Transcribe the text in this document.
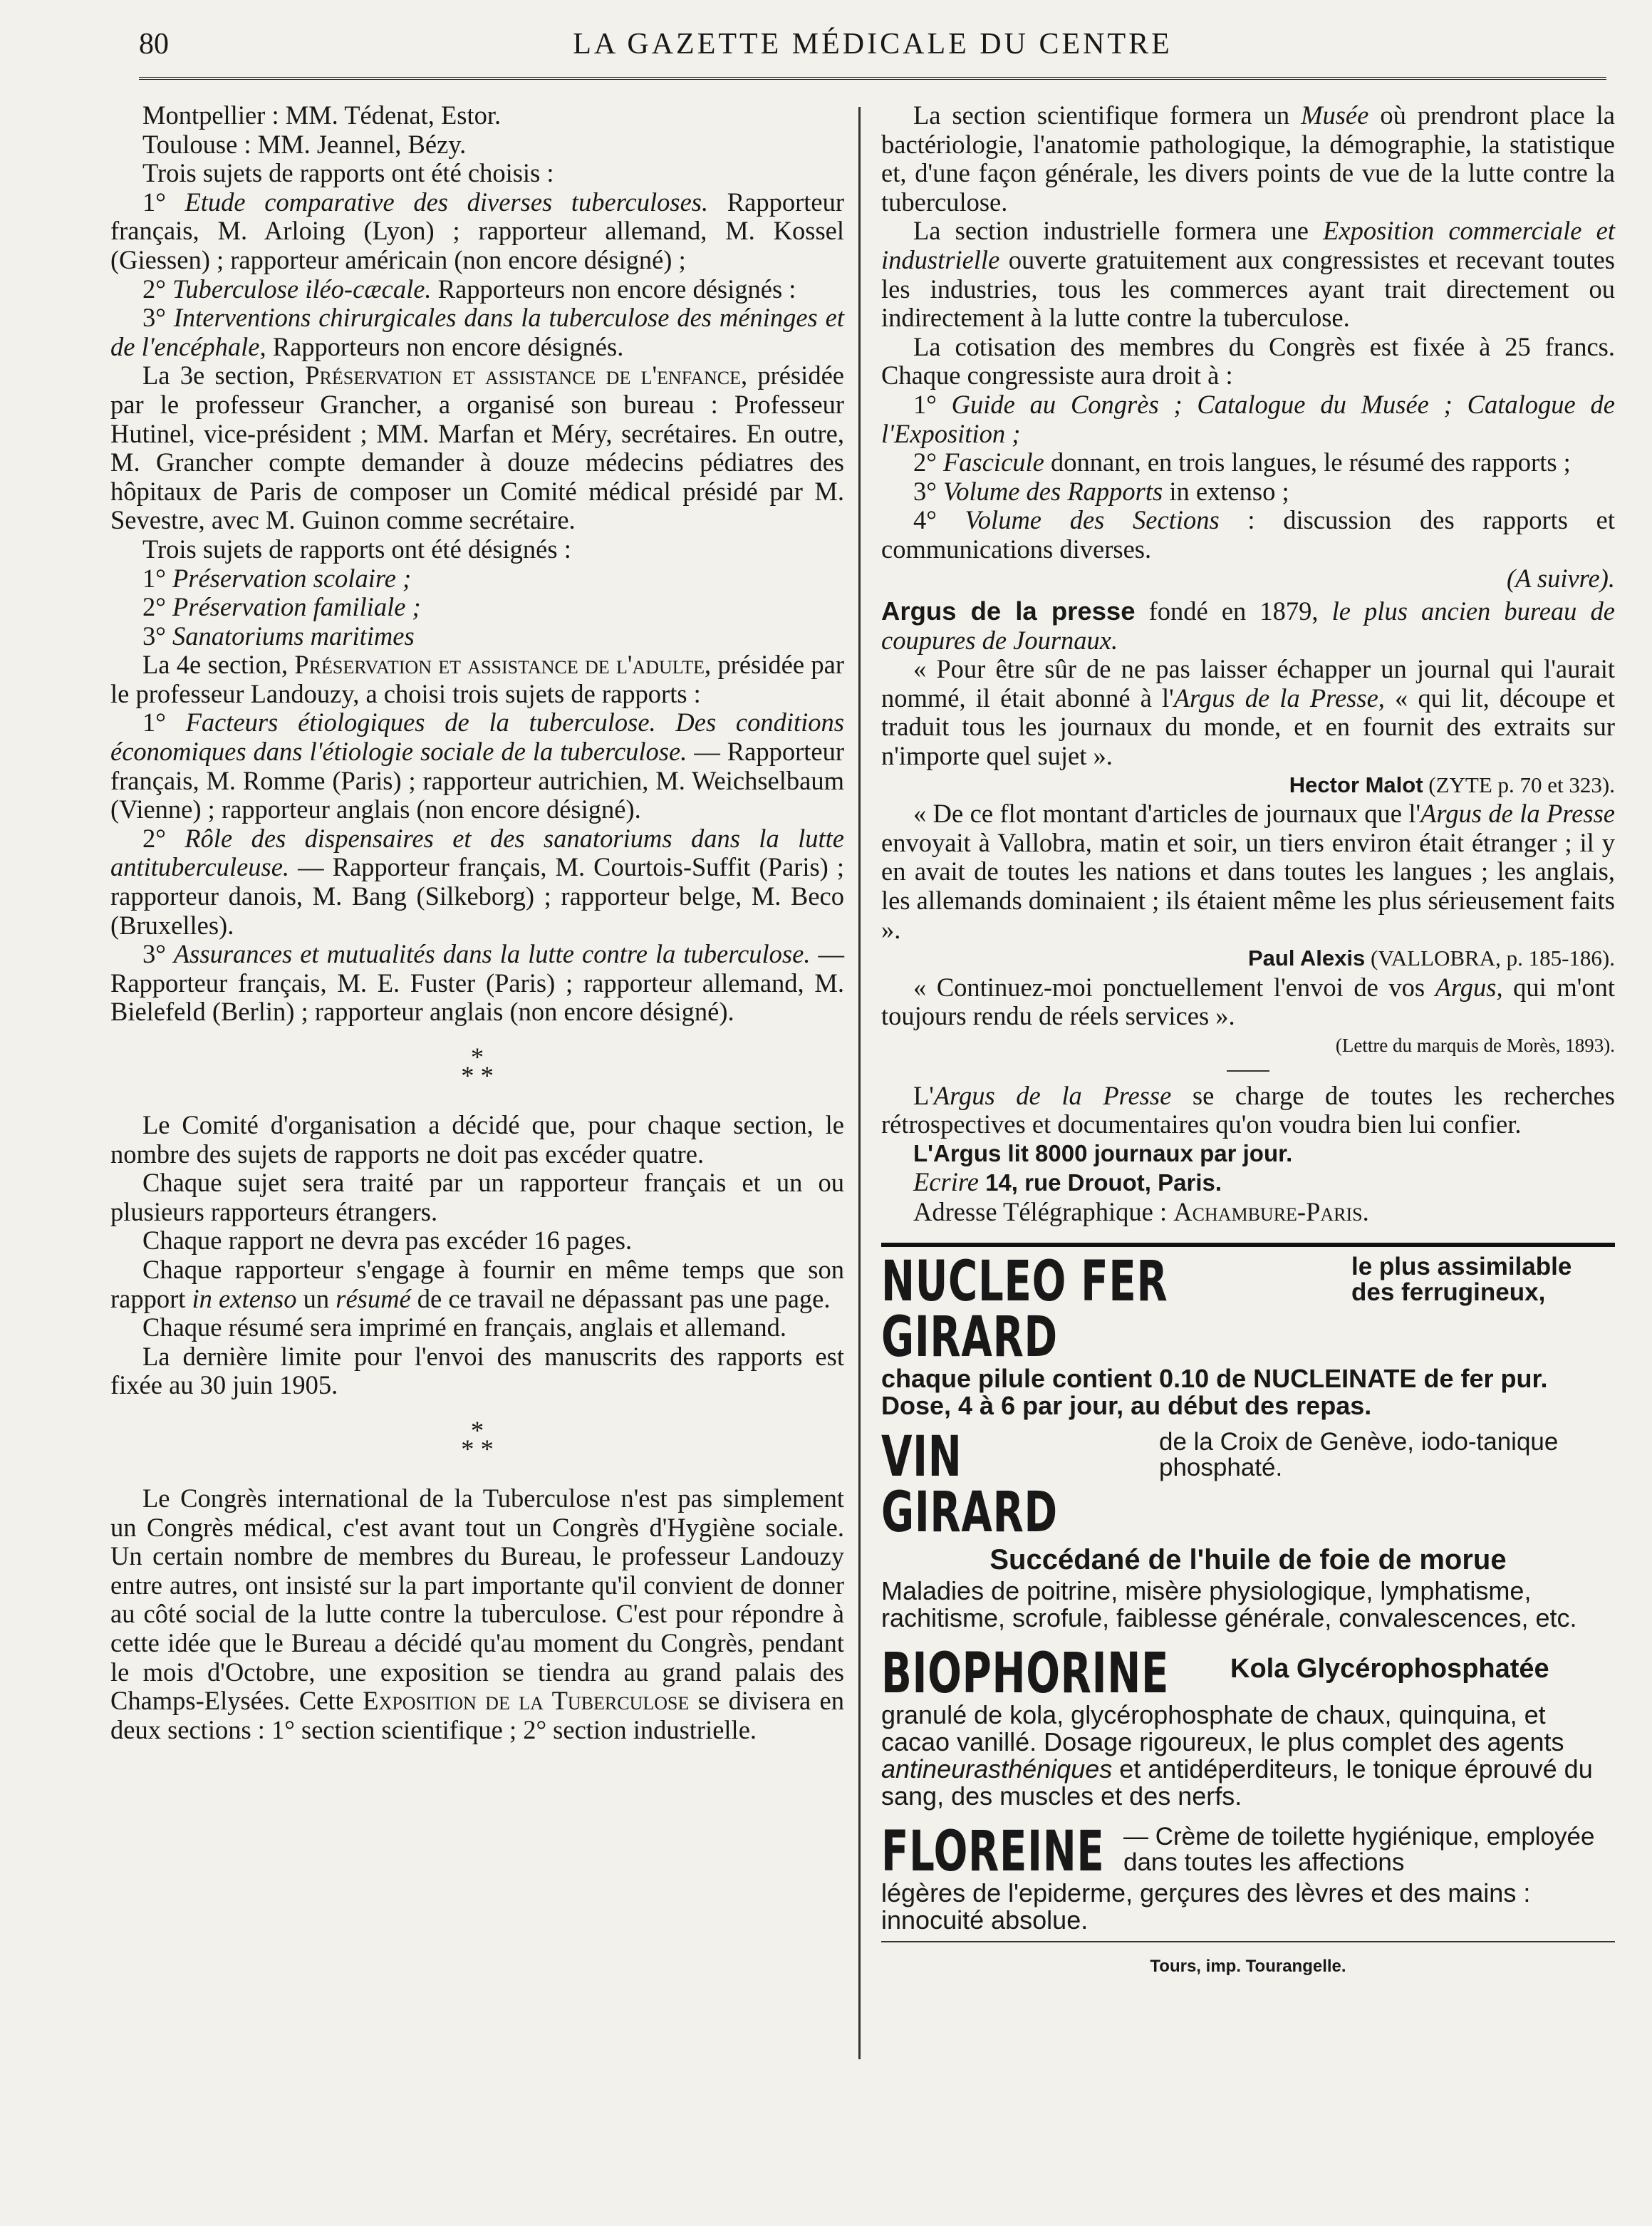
80	LA GAZETTE MÉDICALE DU CENTRE

Montpellier : MM. Tédenat, Estor.

Toulouse : MM. Jeannel, Bézy.

Trois sujets de rapports ont été choisis :

1° Etude comparative des diverses tuberculoses. Rapporteur français, M. Arloing (Lyon) ; rapporteur allemand, M. Kossel (Giessen) ; rapporteur américain (non encore désigné) ;

2° Tuberculose iléo-cæcale. Rapporteurs non encore désignés :

3° Interventions chirurgicales dans la tuberculose des méninges et de l'encéphale, Rapporteurs non encore désignés.

La 3e section, Préservation et assistance de l'enfance, présidée par le professeur Grancher, a organisé son bureau : Professeur Hutinel, vice-président ; MM. Marfan et Méry, secrétaires. En outre, M. Grancher compte demander à douze médecins pédiatres des hôpitaux de Paris de composer un Comité médical présidé par M. Sevestre, avec M. Guinon comme secrétaire.

Trois sujets de rapports ont été désignés :

1° Préservation scolaire ;

2° Préservation familiale ;

3° Sanatoriums maritimes

La 4e section, Préservation et assistance de l'adulte, présidée par le professeur Landouzy, a choisi trois sujets de rapports :

1° Facteurs étiologiques de la tuberculose. Des conditions économiques dans l'étiologie sociale de la tuberculose. — Rapporteur français, M. Romme (Paris) ; rapporteur autrichien, M. Weichselbaum (Vienne) ; rapporteur anglais (non encore désigné).

2° Rôle des dispensaires et des sanatoriums dans la lutte antituberculeuse. — Rapporteur français, M. Courtois-Suffit (Paris) ; rapporteur danois, M. Bang (Silkeborg) ; rapporteur belge, M. Beco (Bruxelles).

3° Assurances et mutualités dans la lutte contre la tuberculose. — Rapporteur français, M. E. Fuster (Paris) ; rapporteur allemand, M. Bielefeld (Berlin) ; rapporteur anglais (non encore désigné).

*
* *

Le Comité d'organisation a décidé que, pour chaque section, le nombre des sujets de rapports ne doit pas excéder quatre.

Chaque sujet sera traité par un rapporteur français et un ou plusieurs rapporteurs étrangers.

Chaque rapport ne devra pas excéder 16 pages.

Chaque rapporteur s'engage à fournir en même temps que son rapport in extenso un résumé de ce travail ne dépassant pas une page.

Chaque résumé sera imprimé en français, anglais et allemand.

La dernière limite pour l'envoi des manuscrits des rapports est fixée au 30 juin 1905.

*
* *

Le Congrès international de la Tuberculose n'est pas simplement un Congrès médical, c'est avant tout un Congrès d'Hygiène sociale. Un certain nombre de membres du Bureau, le professeur Landouzy entre autres, ont insisté sur la part importante qu'il convient de donner au côté social de la lutte contre la tuberculose. C'est pour répondre à cette idée que le Bureau a décidé qu'au moment du Congrès, pendant le mois d'Octobre, une exposition se tiendra au grand palais des Champs-Elysées. Cette Exposition de la Tuberculose se divisera en deux sections : 1° section scientifique ; 2° section industrielle.

La section scientifique formera un Musée où prendront place la bactériologie, l'anatomie pathologique, la démographie, la statistique et, d'une façon générale, les divers points de vue de la lutte contre la tuberculose.

La section industrielle formera une Exposition commerciale et industrielle ouverte gratuitement aux congressistes et recevant toutes les industries, tous les commerces ayant trait directement ou indirectement à la lutte contre la tuberculose.

La cotisation des membres du Congrès est fixée à 25 francs. Chaque congressiste aura droit à :

1° Guide au Congrès ; Catalogue du Musée ; Catalogue de l'Exposition ;

2° Fascicule donnant, en trois langues, le résumé des rapports ;

3° Volume des Rapports in extenso ;

4° Volume des Sections : discussion des rapports et communications diverses.

(A suivre).

Argus de la presse fondé en 1879, le plus ancien bureau de coupures de Journaux.

« Pour être sûr de ne pas laisser échapper un journal qui l'aurait nommé, il était abonné à l'Argus de la Presse, « qui lit, découpe et traduit tous les journaux du monde, et en fournit des extraits sur n'importe quel sujet ».

Hector Malot (ZYTE p. 70 et 323).

« De ce flot montant d'articles de journaux que l'Argus de la Presse envoyait à Vallobra, matin et soir, un tiers environ était étranger ; il y en avait de toutes les nations et dans toutes les langues ; les anglais, les allemands dominaient ; ils étaient même les plus sérieusement faits ».

Paul Alexis (VALLOBRA, p. 185-186).

« Continuez-moi ponctuellement l'envoi de vos Argus, qui m'ont toujours rendu de réels services ».

(Lettre du marquis de Morès, 1893).

L'Argus de la Presse se charge de toutes les recherches rétrospectives et documentaires qu'on voudra bien lui confier.

L'Argus lit 8000 journaux par jour.

Ecrire 14, rue Drouot, Paris.

Adresse Télégraphique : Achambure-Paris.

NUCLEO FER GIRARD
le plus assimilable des ferrugineux,

chaque pilule contient 0.10 de NUCLEINATE de fer pur. Dose, 4 à 6 par jour, au début des repas.

VIN GIRARD
de la Croix de Genève, iodo-tanique phosphaté.
Succédané de l'huile de foie de morue

Maladies de poitrine, misère physiologique, lymphatisme, rachitisme, scrofule, faiblesse générale, convalescences, etc.

BIOPHORINE	Kola Glycérophosphatée

granulé de kola, glycérophosphate de chaux, quinquina, et cacao vanillé. Dosage rigoureux, le plus complet des agents antineurasthéniques et antidéperditeurs, le tonique éprouvé du sang, des muscles et des nerfs.

FLOREINE — Crème de toilette hygiénique, employée dans toutes les affections

légères de l'epiderme, gerçures des lèvres et des mains : innocuité absolue.

Tours, imp. Tourangelle.
